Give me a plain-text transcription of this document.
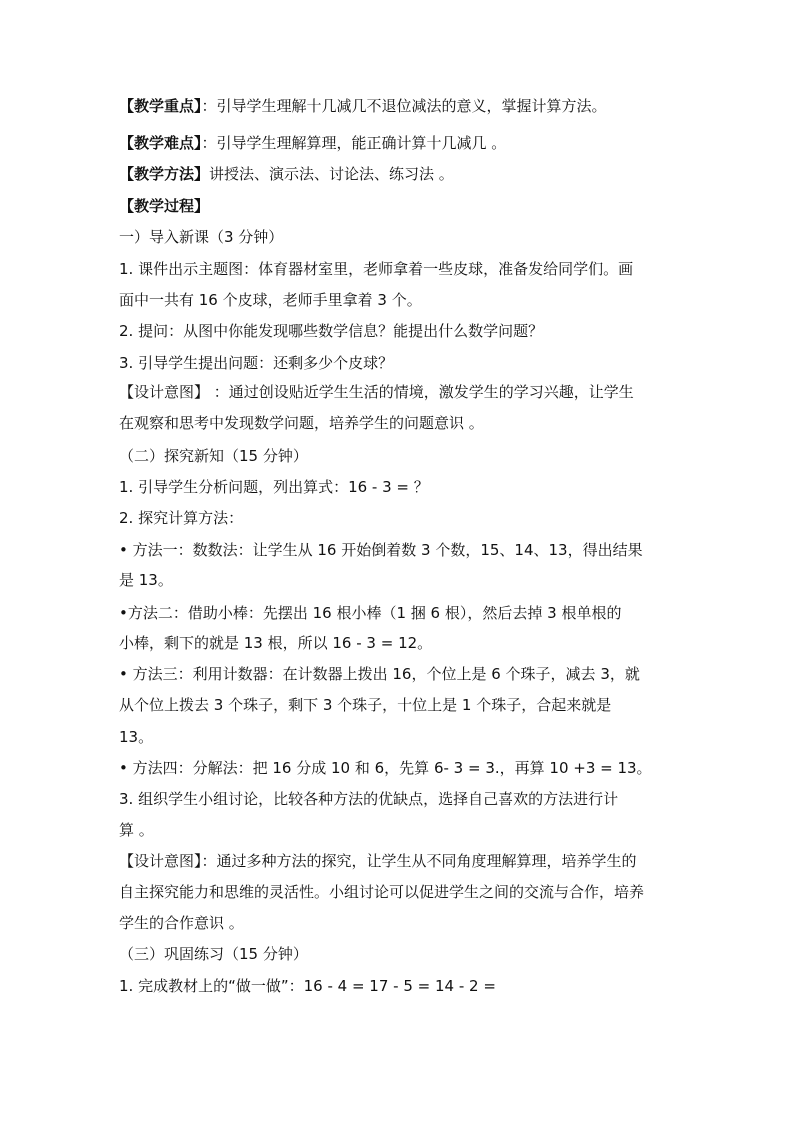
【教学重点】：引导学生理解十几减几不退位减法的意义，掌握计算方法。
【教学难点】：引导学生理解算理，能正确计算十几减几 。
【教学方法】讲授法、演示法、讨论法、练习法 。
【教学过程】
一）导入新课（3 分钟）
1. 课件出示主题图：体育器材室里，老师拿着一些皮球，准备发给同学们。画
面中一共有 16 个皮球，老师手里拿着 3 个。
2. 提问：从图中你能发现哪些数学信息？能提出什么数学问题？
3. 引导学生提出问题：还剩多少个皮球？
【设计意图】 ：通过创设贴近学生生活的情境，激发学生的学习兴趣，让学生
在观察和思考中发现数学问题，培养学生的问题意识 。
（二）探究新知（15 分钟）
1. 引导学生分析问题，列出算式：16 - 3 = ？
2. 探究计算方法：
• 方法一：数数法：让学生从 16 开始倒着数 3 个数，15、14、13，得出结果
是 13。
•方法二：借助小棒：先摆出 16 根小棒（1 捆 6 根），然后去掉 3 根单根的
小棒，剩下的就是 13 根，所以 16 - 3 = 12。
• 方法三：利用计数器：在计数器上拨出 16，个位上是 6 个珠子，减去 3，就
从个位上拨去 3 个珠子，剩下 3 个珠子，十位上是 1 个珠子，合起来就是
13。
• 方法四：分解法：把 16 分成 10 和 6，先算 6- 3 = 3.，再算 10 +3 = 13。
3. 组织学生小组讨论，比较各种方法的优缺点，选择自己喜欢的方法进行计
算 。
【设计意图】：通过多种方法的探究，让学生从不同角度理解算理，培养学生的
自主探究能力和思维的灵活性。小组讨论可以促进学生之间的交流与合作，培养
学生的合作意识 。
（三）巩固练习（15 分钟）
1. 完成教材上的“做一做”：16 - 4 = 17 - 5 = 14 - 2 =
